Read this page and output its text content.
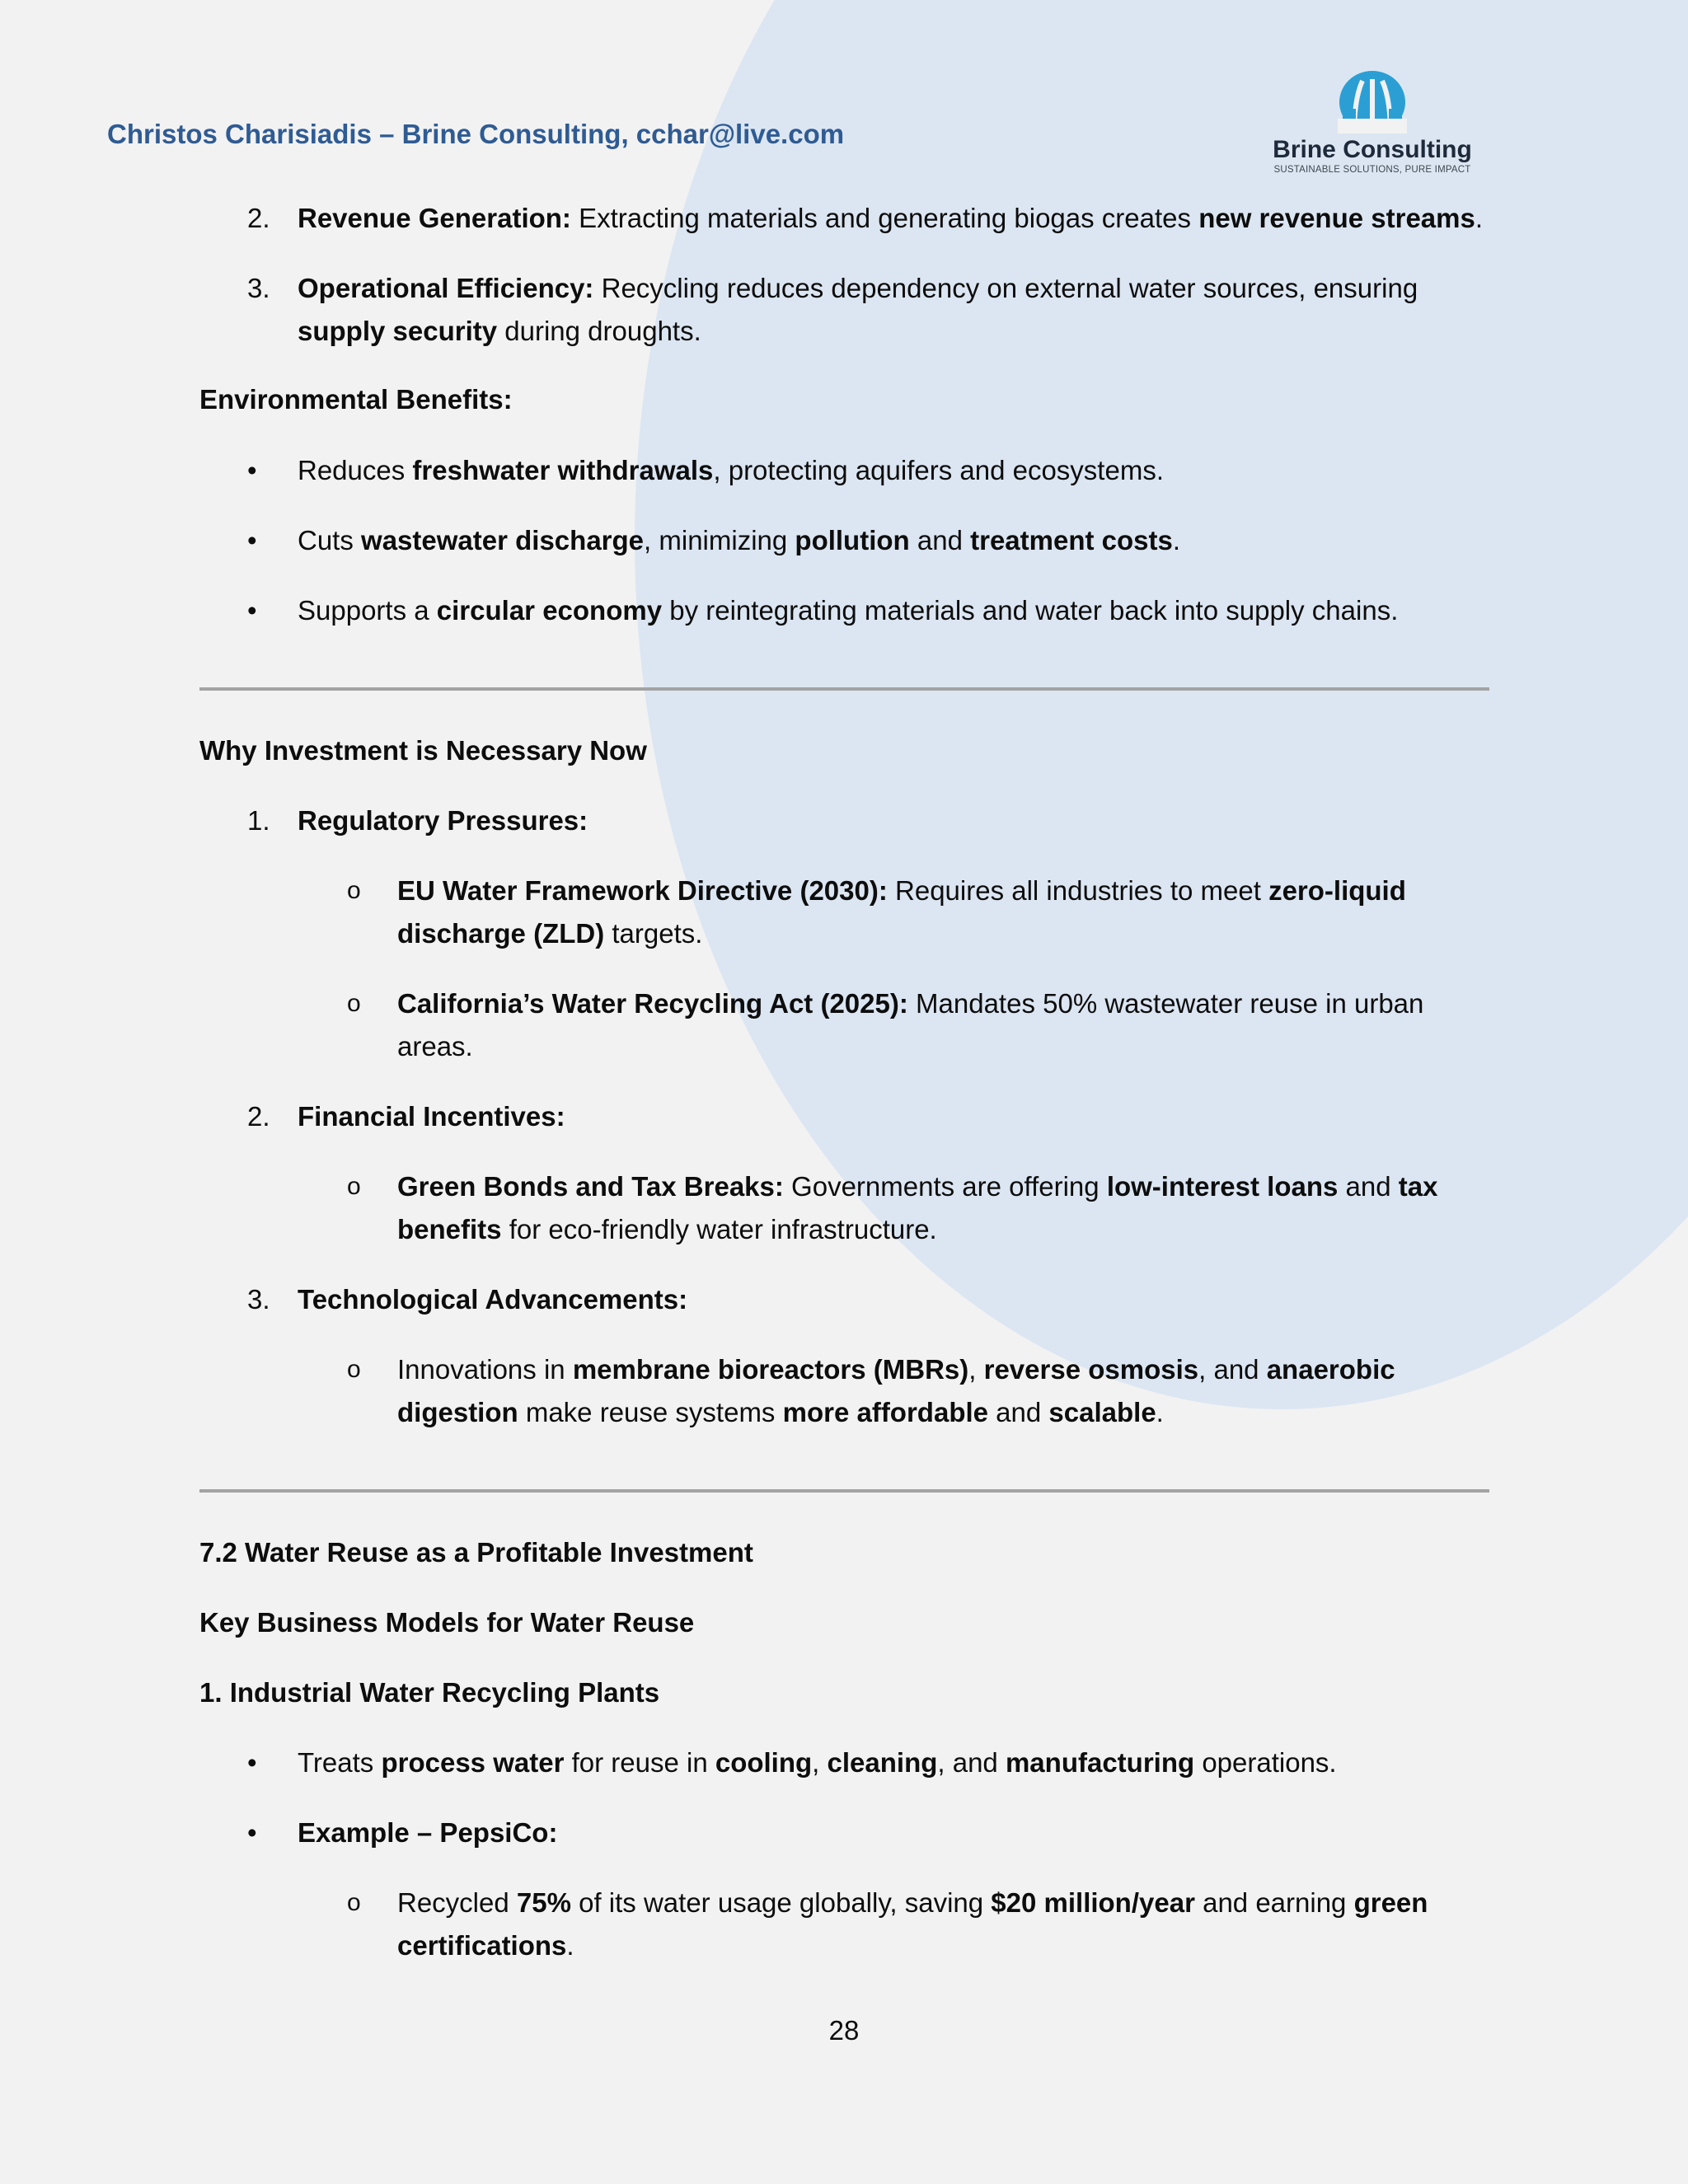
Christos Charisiadis – Brine Consulting, cchar@live.com
Brine Consulting
SUSTAINABLE SOLUTIONS, PURE IMPACT
2. Revenue Generation: Extracting materials and generating biogas creates new revenue streams.
3. Operational Efficiency: Recycling reduces dependency on external water sources, ensuring
supply security during droughts.
Environmental Benefits:
• Reduces freshwater withdrawals, protecting aquifers and ecosystems.
• Cuts wastewater discharge, minimizing pollution and treatment costs.
• Supports a circular economy by reintegrating materials and water back into supply chains.
Why Investment is Necessary Now
1. Regulatory Pressures:
o EU Water Framework Directive (2030): Requires all industries to meet zero-liquid
discharge (ZLD) targets.
o California’s Water Recycling Act (2025): Mandates 50% wastewater reuse in urban
areas.
2. Financial Incentives:
o Green Bonds and Tax Breaks: Governments are offering low-interest loans and tax
benefits for eco-friendly water infrastructure.
3. Technological Advancements:
o Innovations in membrane bioreactors (MBRs), reverse osmosis, and anaerobic
digestion make reuse systems more affordable and scalable.
7.2 Water Reuse as a Profitable Investment
Key Business Models for Water Reuse
1. Industrial Water Recycling Plants
• Treats process water for reuse in cooling, cleaning, and manufacturing operations.
• Example – PepsiCo:
o Recycled 75% of its water usage globally, saving $20 million/year and earning green
certifications.
28
